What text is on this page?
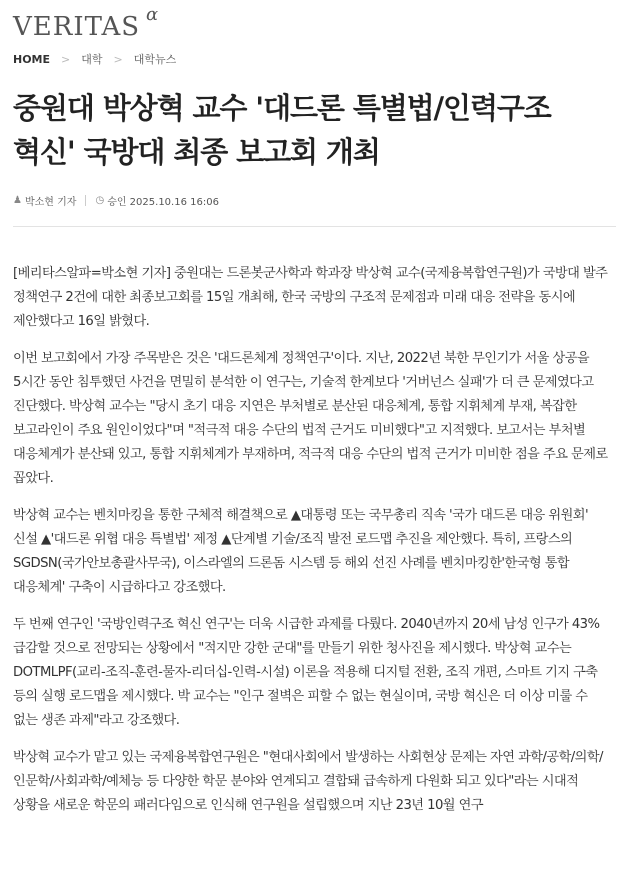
VERITAS α
HOME > 대학 > 대학뉴스
중원대 박상혁 교수 '대드론 특별법/인력구조
혁신' 국방대 최종 보고회 개최
♟ 박소현 기자 ◷ 승인 2025.10.16 16:06

[베리타스알파=박소현 기자] 중원대는 드론봇군사학과 학과장 박상혁 교수(국제융복합연구원)가 국방대 발주 정책연구 2건에 대한 최종보고회를 15일 개최해, 한국 국방의 구조적 문제점과 미래 대응 전략을 동시에 제안했다고 16일 밝혔다.

이번 보고회에서 가장 주목받은 것은 '대드론체계 정책연구'이다. 지난, 2022년 북한 무인기가 서울 상공을 5시간 동안 침투했던 사건을 면밀히 분석한 이 연구는, 기술적 한계보다 '거버넌스 실패'가 더 큰 문제였다고 진단했다. 박상혁 교수는 "당시 초기 대응 지연은 부처별로 분산된 대응체계, 통합 지휘체계 부재, 복잡한 보고라인이 주요 원인이었다"며 "적극적 대응 수단의 법적 근거도 미비했다"고 지적했다. 보고서는 부처별 대응체계가 분산돼 있고, 통합 지휘체계가 부재하며, 적극적 대응 수단의 법적 근거가 미비한 점을 주요 문제로 꼽았다.

박상혁 교수는 벤치마킹을 통한 구체적 해결책으로 ▲대통령 또는 국무총리 직속 '국가 대드론 대응 위원회' 신설 ▲'대드론 위협 대응 특별법' 제정 ▲단계별 기술/조직 발전 로드맵 추진을 제안했다. 특히, 프랑스의 SGDSN(국가안보총괄사무국), 이스라엘의 드론돔 시스템 등 해외 선진 사례를 벤치마킹한'한국형 통합 대응체계' 구축이 시급하다고 강조했다.

두 번째 연구인 '국방인력구조 혁신 연구'는 더욱 시급한 과제를 다뤘다. 2040년까지 20세 남성 인구가 43% 급감할 것으로 전망되는 상황에서 "적지만 강한 군대"를 만들기 위한 청사진을 제시했다. 박상혁 교수는 DOTMLPF(교리-조직-훈련-물자-리더십-인력-시설) 이론을 적용해 디지털 전환, 조직 개편, 스마트 기지 구축 등의 실행 로드맵을 제시했다. 박 교수는 "인구 절벽은 피할 수 없는 현실이며, 국방 혁신은 더 이상 미룰 수 없는 생존 과제"라고 강조했다.

박상혁 교수가 맡고 있는 국제융복합연구원은 "현대사회에서 발생하는 사회현상 문제는 자연 과학/공학/의학/인문학/사회과학/예체능 등 다양한 학문 분야와 연계되고 결합돼 급속하게 다원화 되고 있다"라는 시대적 상황을 새로운 학문의 패러다임으로 인식해 연구원을 설립했으며 지난 23년 10월 연구
